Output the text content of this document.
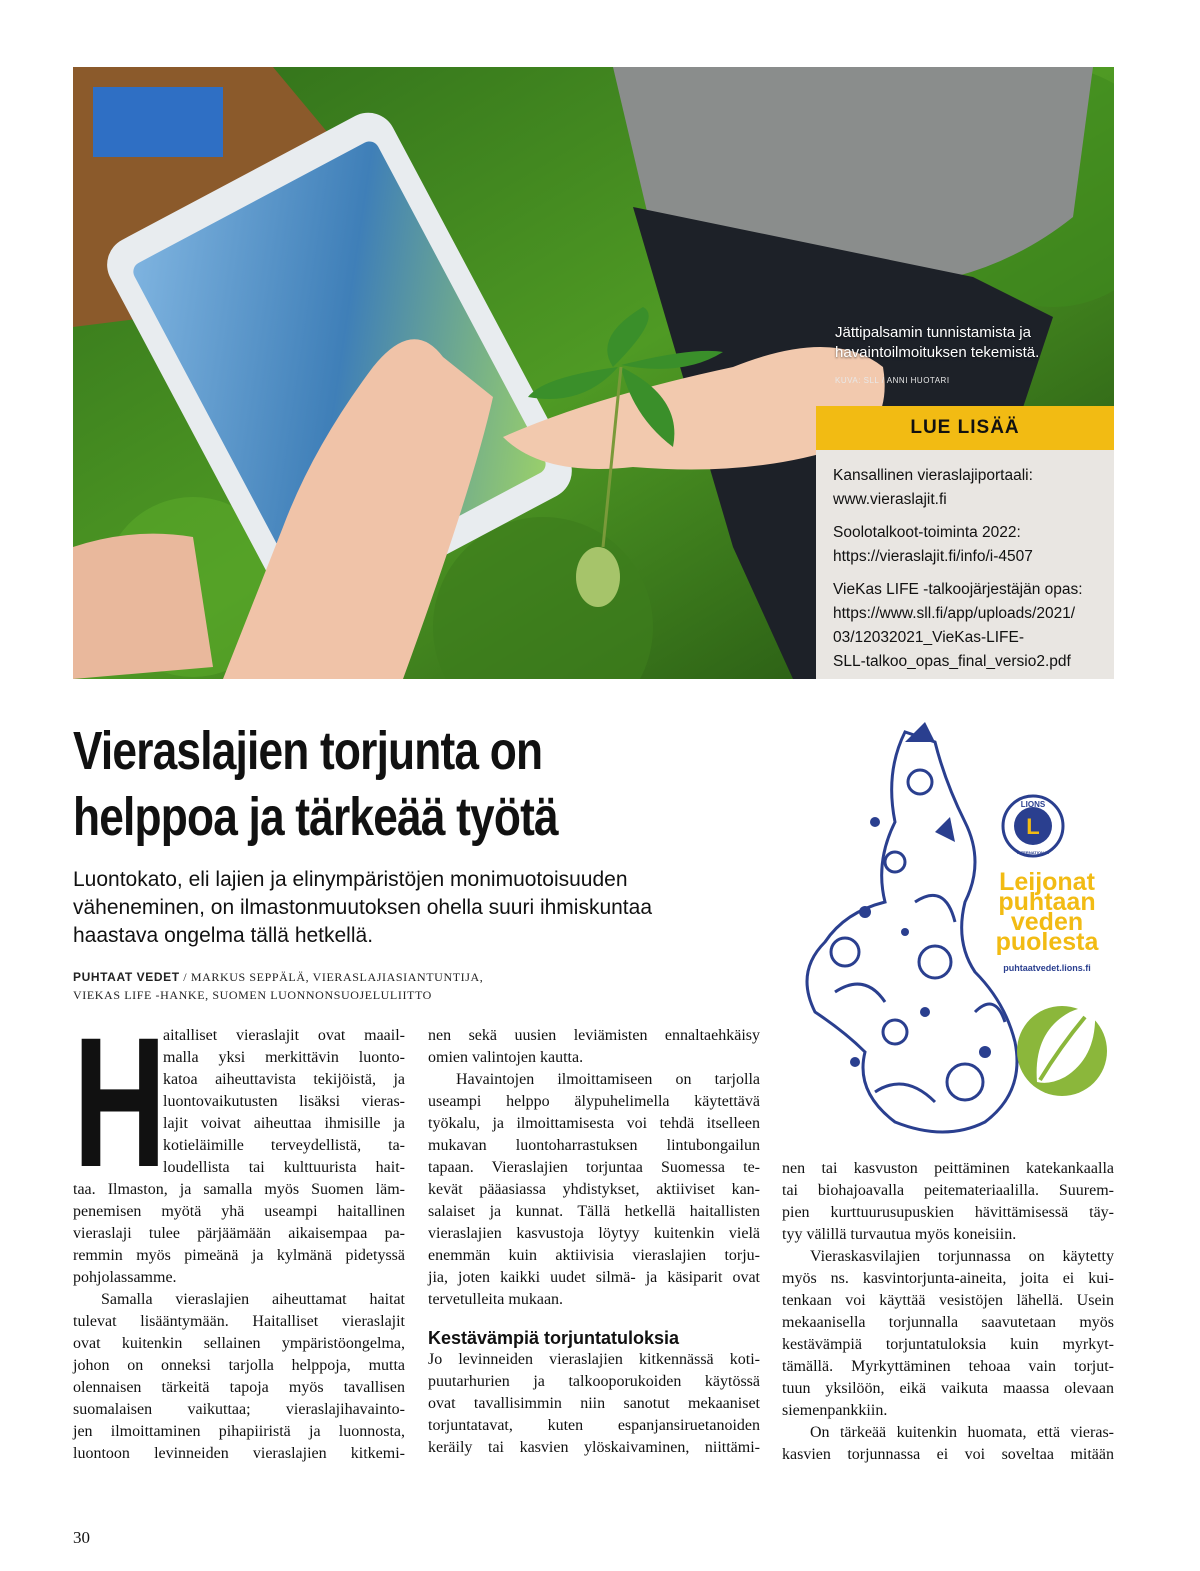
Jättipalsamin tunnistamista ja
havaintoilmoituksen tekemistä.
KUVA: SLL / ANNI HUOTARI
LUE LISÄÄ

Kansallinen vieraslajiportaali:
www.vieraslajit.fi

Soolotalkoot-toiminta 2022:
https://vieraslajit.fi/info/i-4507

VieKas LIFE -talkoojärjestäjän opas:
https://www.sll.fi/app/uploads/2021/
03/12032021_VieKas-LIFE-
SLL-talkoo_opas_final_versio2.pdf

Vieraslajien torjunta on
helppoa ja tärkeää työtä
Luontokato, eli lajien ja elinympäristöjen monimuotoisuuden
väheneminen, on ilmastonmuutoksen ohella suuri ihmiskuntaa
haastava ongelma tällä hetkellä.
PUHTAAT VEDET / MARKUS SEPPÄLÄ, VIERASLAJIASIANTUNTIJA,
VIEKAS LIFE -HANKE, SUOMEN LUONNONSUOJELULIITTO
H
aitalliset vieraslajit ovat maail-
malla yksi merkittävin luonto-
katoa aiheuttavista tekijöistä, ja
luontovaikutusten lisäksi vieras-
lajit voivat aiheuttaa ihmisille ja
kotieläimille terveydellistä, ta-
loudellista tai kulttuurista hait-
taa. Ilmaston, ja samalla myös Suomen läm-
penemisen myötä yhä useampi haitallinen
vieraslaji tulee pärjäämään aikaisempaa pa-
remmin myös pimeänä ja kylmänä pidetyssä
pohjolassamme.
Samalla vieraslajien aiheuttamat haitat
tulevat lisääntymään. Haitalliset vieraslajit
ovat kuitenkin sellainen ympäristöongelma,
johon on onneksi tarjolla helppoja, mutta
olennaisen tärkeitä tapoja myös tavallisen
suomalaisen vaikuttaa; vieraslajihavainto-
jen ilmoittaminen pihapiiristä ja luonnosta,
luontoon levinneiden vieraslajien kitkemi-
nen sekä uusien leviämisten ennaltaehkäisy
omien valintojen kautta.
Havaintojen ilmoittamiseen on tarjolla
useampi helppo älypuhelimella käytettävä
työkalu, ja ilmoittamisesta voi tehdä itselleen
mukavan luontoharrastuksen lintubongailun
tapaan. Vieraslajien torjuntaa Suomessa te-
kevät pääasiassa yhdistykset, aktiiviset kan-
salaiset ja kunnat. Tällä hetkellä haitallisten
vieraslajien kasvustoja löytyy kuitenkin vielä
enemmän kuin aktiivisia vieraslajien torju-
jia, joten kaikki uudet silmä- ja käsiparit ovat
tervetulleita mukaan.
Kestävämpiä torjuntatuloksia
Jo levinneiden vieraslajien kitkennässä koti-
puutarhurien ja talkooporukoiden käytössä
ovat tavallisimmin niin sanotut mekaaniset
torjuntatavat, kuten espanjansiruetanoiden
keräily tai kasvien ylöskaivaminen, niittämi-
nen tai kasvuston peittäminen katekankaalla
tai biohajoavalla peitemateriaalilla. Suurem-
pien kurttuurusupuskien hävittämisessä täy-
tyy välillä turvautua myös koneisiin.
Vieraskasvilajien torjunnassa on käytetty
myös ns. kasvintorjunta-aineita, joita ei kui-
tenkaan voi käyttää vesistöjen lähellä. Usein
mekaanisella torjunnalla saavutetaan myös
kestävämpiä torjuntatuloksia kuin myrkyt-
tämällä. Myrkyttäminen tehoaa vain torjut-
tuun yksilöön, eikä vaikuta maassa olevaan
siemenpankkiin.
On tärkeää kuitenkin huomata, että vieras-
kasvien torjunnassa ei voi soveltaa mitään
LIONS
INTERNATIONAL
L
Leijonat
puhtaan
veden
puolesta
puhtaatvedet.lions.fi
30
